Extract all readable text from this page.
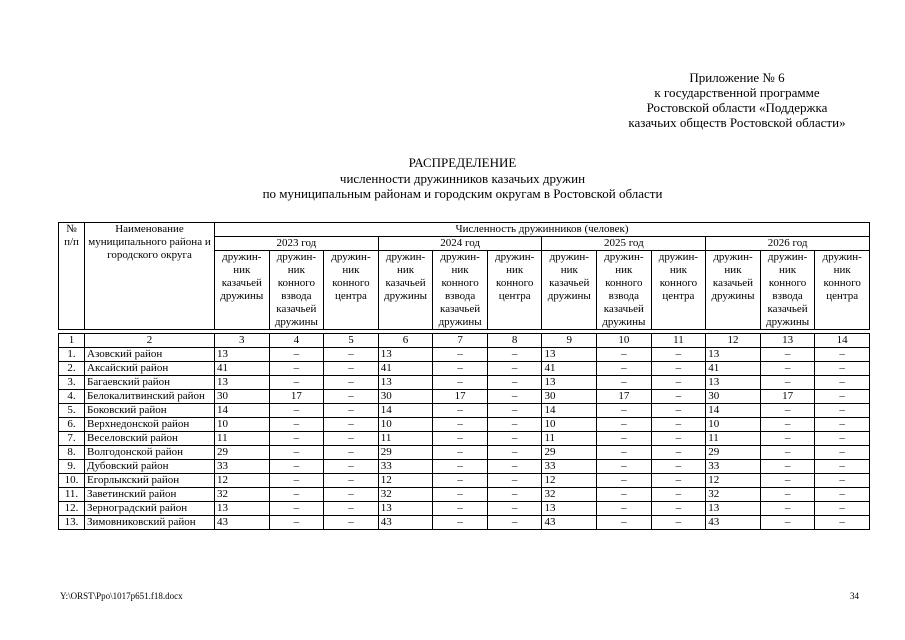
Приложение № 6
к государственной программе
Ростовской области «Поддержка
казачьих обществ Ростовской области»
РАСПРЕДЕЛЕНИЕ
численности дружинников казачьих дружин
по муниципальным районам и городским округам в Ростовской области
№ п/п	Наименование муниципального района и городского округа	Численность дружинников (человек)											
		2023 год			2024 год			2025 год			2026 год		
		дружин-ник казачьей дружины	дружин-ник конного взвода казачьей дружины	дружин-ник конного центра	дружин-ник казачьей дружины	дружин-ник конного взвода казачьей дружины	дружин-ник конного центра	дружин-ник казачьей дружины	дружин-ник конного взвода казачьей дружины	дружин-ник конного центра	дружин-ник казачьей дружины	дружин-ник конного взвода казачьей дружины	дружин-ник конного центра

1	2	3	4	5	6	7	8	9	10	11	12	13	14
1.	Азовский район	13	–	–	13	–	–	13	–	–	13	–	–
2.	Аксайский район	41	–	–	41	–	–	41	–	–	41	–	–
3.	Багаевский район	13	–	–	13	–	–	13	–	–	13	–	–
4.	Белокалитвинский район	30	17	–	30	17	–	30	17	–	30	17	–
5.	Боковский район	14	–	–	14	–	–	14	–	–	14	–	–
6.	Верхнедонской район	10	–	–	10	–	–	10	–	–	10	–	–
7.	Веселовский район	11	–	–	11	–	–	11	–	–	11	–	–
8.	Волгодонской район	29	–	–	29	–	–	29	–	–	29	–	–
9.	Дубовский район	33	–	–	33	–	–	33	–	–	33	–	–
10.	Егорлыкский район	12	–	–	12	–	–	12	–	–	12	–	–
11.	Заветинский район	32	–	–	32	–	–	32	–	–	32	–	–
12.	Зерноградский район	13	–	–	13	–	–	13	–	–	13	–	–
13.	Зимовниковский район	43	–	–	43	–	–	43	–	–	43	–	–
Y:\ORST\Ppo\1017p651.f18.docx	34
